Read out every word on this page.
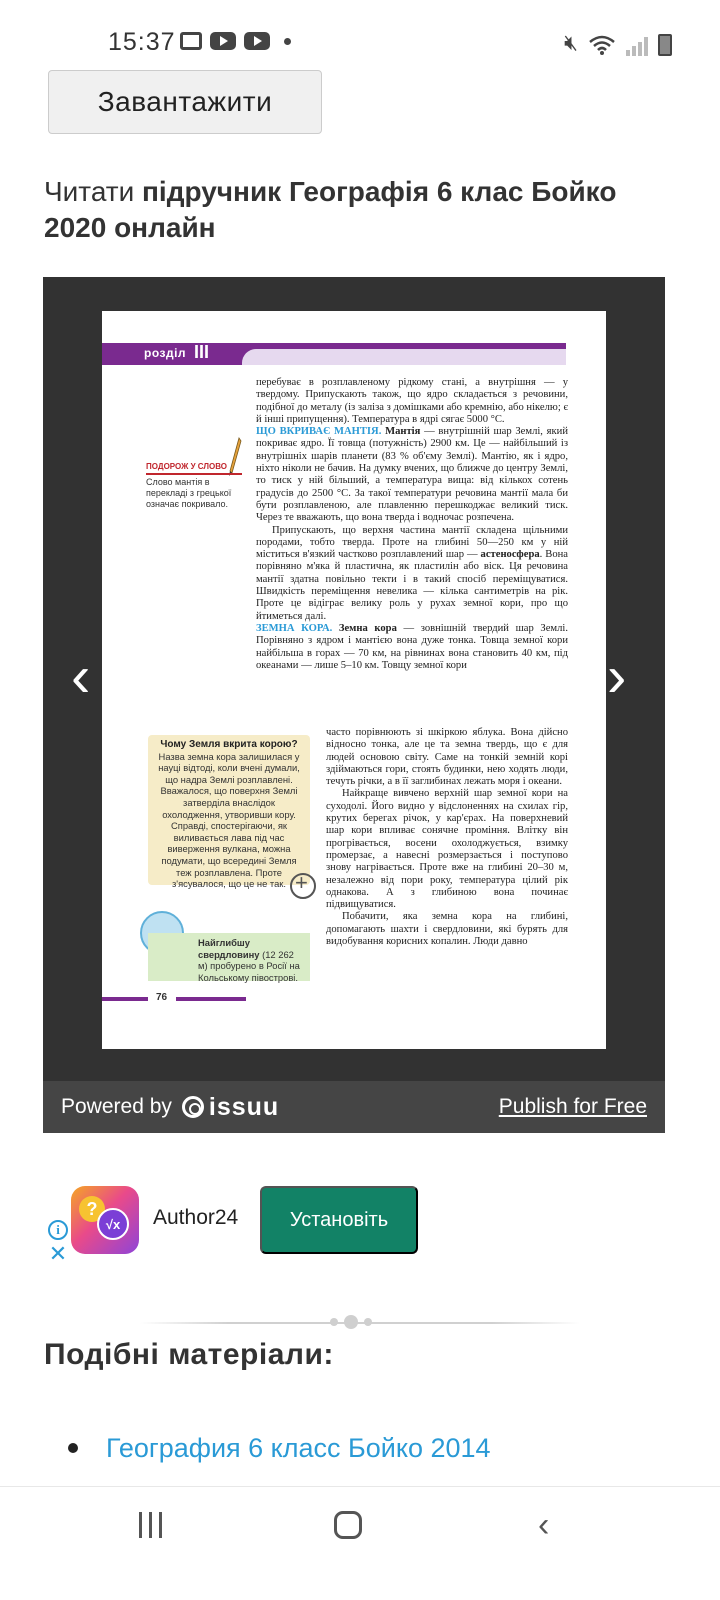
15:37	🔇︎
Завантажити
Читати підручник Географія 6 клас Бойко 2020 онлайн
розділ III

перебуває в розплавленому рідкому стані, а внутрішня — у твердому. Припускають також, що ядро складається з речовини, подібної до металу (із заліза з домішками або кремнію, або нікелю; є й інші припущення). Температура в ядрі сягає 5000 °С.

ЩО ВКРИВАЄ МАНТІЯ. Мантія — внутрішній шар Землі, який покриває ядро. Її товща (потужність) 2900 км. Це — найбільший із внутрішніх шарів планети (83 % об'єму Землі). Мантію, як і ядро, ніхто ніколи не бачив. На думку вчених, що ближче до центру Землі, то тиск у ній більший, а температура вища: від кількох сотень градусів до 2500 °С. За такої температури речовина мантії мала би бути розплавленою, але плавленню перешкоджає великий тиск. Через те вважають, що вона тверда і водночас розпечена.

Припускають, що верхня частина мантії складена щільними породами, тобто тверда. Проте на глибині 50—250 км у ній міститься в'язкий частково розплавлений шар — астеносфера. Вона порівняно м'яка й пластична, як пластилін або віск. Ця речовина мантії здатна повільно текти і в такий спосіб переміщуватися. Швидкість переміщення невелика — кілька сантиметрів на рік. Проте це відіграє велику роль у рухах земної кори, про що йтиметься далі.

ЗЕМНА КОРА. Земна кора — зовнішній твердий шар Землі. Порівняно з ядром і мантією вона дуже тонка. Товща земної кори найбільша в горах — 70 км, на рівнинах вона становить 40 км, під океанами — лише 5–10 км. Товщу земної кори

часто порівнюють зі шкіркою яблука. Вона дійсно відносно тонка, але це та земна твердь, що є для людей основою світу. Саме на тонкій земній корі здіймаються гори, стоять будинки, нею ходять люди, течуть річки, а в її заглибинах лежать моря і океани.

Найкраще вивчено верхній шар земної кори на суходолі. Його видно у відслоненнях на схилах гір, крутих берегах річок, у кар'єрах. На поверхневий шар кори впливає сонячне проміння. Влітку він прогрівається, восени охолоджується, взимку промерзає, а навесні розмерзається і поступово знову нагрівається. Проте вже на глибині 20–30 м, незалежно від пори року, температура цілий рік однакова. А з глибиною вона починає підвищуватися.

Побачити, яка земна кора на глибині, допомагають шахти і свердловини, які бурять для видобування корисних копалин. Люди давно

ПОДОРОЖ У СЛОВО
Слово мантія в перекладі з грецької означає покривало.
Чому Земля вкрита корою?
Назва земна кора залишилася у науці відтоді, коли вчені думали, що надра Землі розплавлені. Вважалося, що поверхня Землі затверділа внаслідок охолодження, утворивши кору. Справді, спостерігаючи, як виливається лава під час виверження вулкана, можна подумати, що всередині Земля теж розплавлена. Проте з'ясувалося, що це не так.
+
Найглибшу свердловину (12 262 м) пробурено в Росії на Кольському півострові.
76
‹	›
Powered by issuu	Publish for Free
i
✕
?
√x	Author24	Установіть
Подібні матеріали:
География 6 класс Бойко 2014
‹
